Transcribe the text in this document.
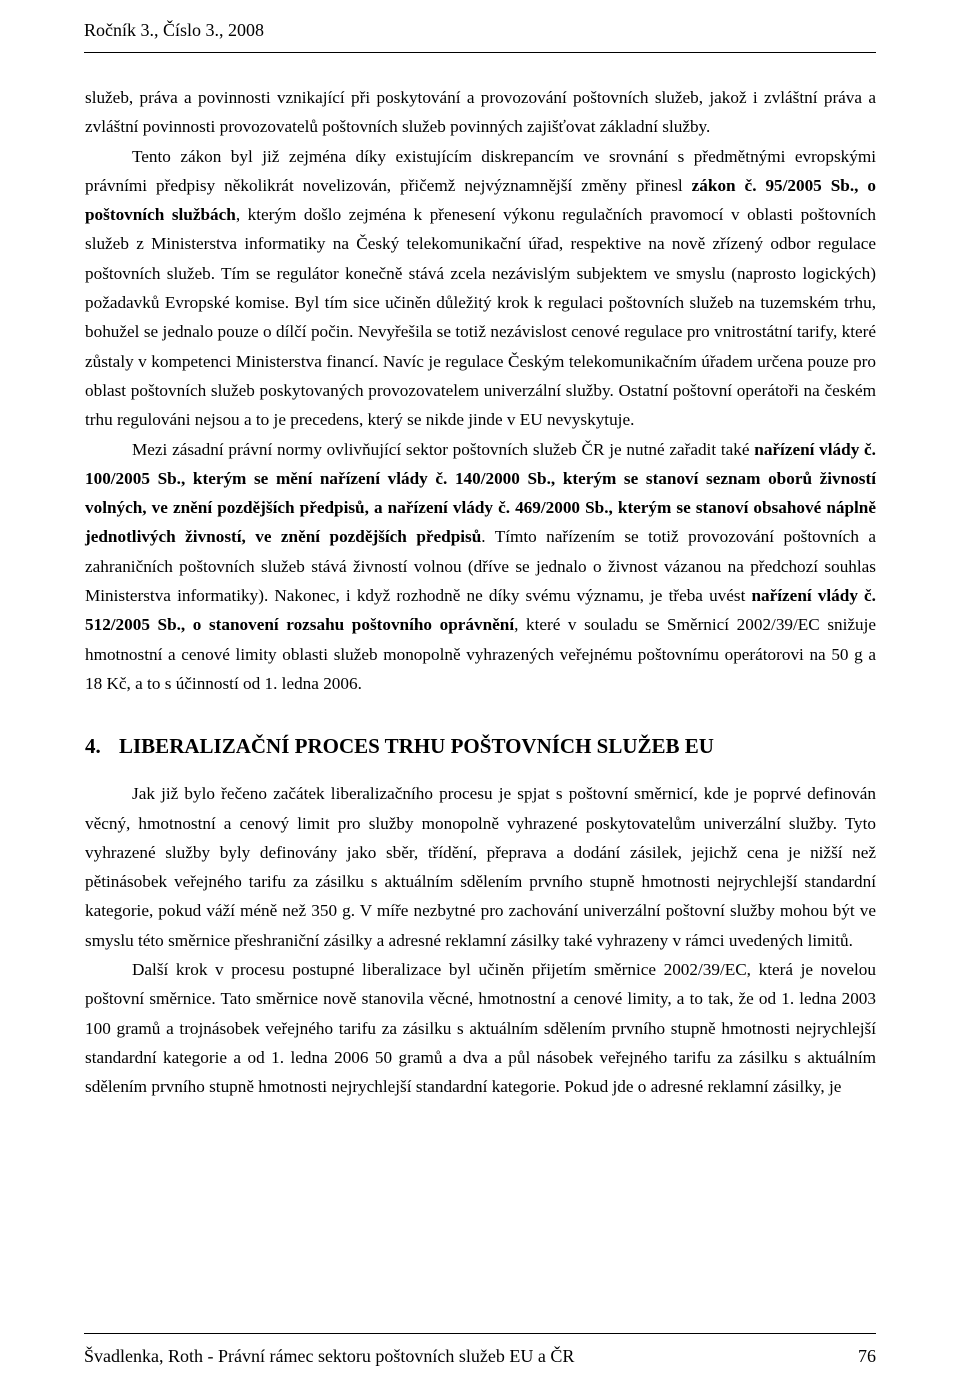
Ročník 3., Číslo 3., 2008

služeb, práva a povinnosti vznikající při poskytování a provozování poštovních služeb, jakož i zvláštní práva a zvláštní povinnosti provozovatelů poštovních služeb povinných zajišťovat základní služby.

Tento zákon byl již zejména díky existujícím diskrepancím ve srovnání s předmětnými evropskými právními předpisy několikrát novelizován, přičemž nejvýznamnější změny přinesl zákon č. 95/2005 Sb., o poštovních službách, kterým došlo zejména k přenesení výkonu regulačních pravomocí v oblasti poštovních služeb z Ministerstva informatiky na Český telekomunikační úřad, respektive na nově zřízený odbor regulace poštovních služeb. Tím se regulátor konečně stává zcela nezávislým subjektem ve smyslu (naprosto logických) požadavků Evropské komise. Byl tím sice učiněn důležitý krok k regulaci poštovních služeb na tuzemském trhu, bohužel se jednalo pouze o dílčí počin. Nevyřešila se totiž nezávislost cenové regulace pro vnitrostátní tarify, které zůstaly v kompetenci Ministerstva financí. Navíc je regulace Českým telekomunikačním úřadem určena pouze pro oblast poštovních služeb poskytovaných provozovatelem univerzální služby. Ostatní poštovní operátoři na českém trhu regulováni nejsou a to je precedens, který se nikde jinde v EU nevyskytuje.

Mezi zásadní právní normy ovlivňující sektor poštovních služeb ČR je nutné zařadit také nařízení vlády č. 100/2005 Sb., kterým se mění nařízení vlády č. 140/2000 Sb., kterým se stanoví seznam oborů živností volných, ve znění pozdějších předpisů, a nařízení vlády č. 469/2000 Sb., kterým se stanoví obsahové náplně jednotlivých živností, ve znění pozdějších předpisů. Tímto nařízením se totiž provozování poštovních a zahraničních poštovních služeb stává živností volnou (dříve se jednalo o živnost vázanou na předchozí souhlas Ministerstva informatiky). Nakonec, i když rozhodně ne díky svému významu, je třeba uvést nařízení vlády č. 512/2005 Sb., o stanovení rozsahu poštovního oprávnění, které v souladu se Směrnicí 2002/39/EC snižuje hmotnostní a cenové limity oblasti služeb monopolně vyhrazených veřejnému poštovnímu operátorovi na 50 g a 18 Kč, a to s účinností od 1. ledna 2006.

4. LIBERALIZAČNÍ PROCES TRHU POŠTOVNÍCH SLUŽEB EU

Jak již bylo řečeno začátek liberalizačního procesu je spjat s poštovní směrnicí, kde je poprvé definován věcný, hmotnostní a cenový limit pro služby monopolně vyhrazené poskytovatelům univerzální služby. Tyto vyhrazené služby byly definovány jako sběr, třídění, přeprava a dodání zásilek, jejichž cena je nižší než pětinásobek veřejného tarifu za zásilku s aktuálním sdělením prvního stupně hmotnosti nejrychlejší standardní kategorie, pokud váží méně než 350 g. V míře nezbytné pro zachování univerzální poštovní služby mohou být ve smyslu této směrnice přeshraniční zásilky a adresné reklamní zásilky také vyhrazeny v rámci uvedených limitů.

Další krok v procesu postupné liberalizace byl učiněn přijetím směrnice 2002/39/EC, která je novelou poštovní směrnice. Tato směrnice nově stanovila věcné, hmotnostní a cenové limity, a to tak, že od 1. ledna 2003 100 gramů a trojnásobek veřejného tarifu za zásilku s aktuálním sdělením prvního stupně hmotnosti nejrychlejší standardní kategorie a od 1. ledna 2006 50 gramů a dva a půl násobek veřejného tarifu za zásilku s aktuálním sdělením prvního stupně hmotnosti nejrychlejší standardní kategorie. Pokud jde o adresné reklamní zásilky, je

Švadlenka, Roth - Právní rámec sektoru poštovních služeb EU a ČR	76
